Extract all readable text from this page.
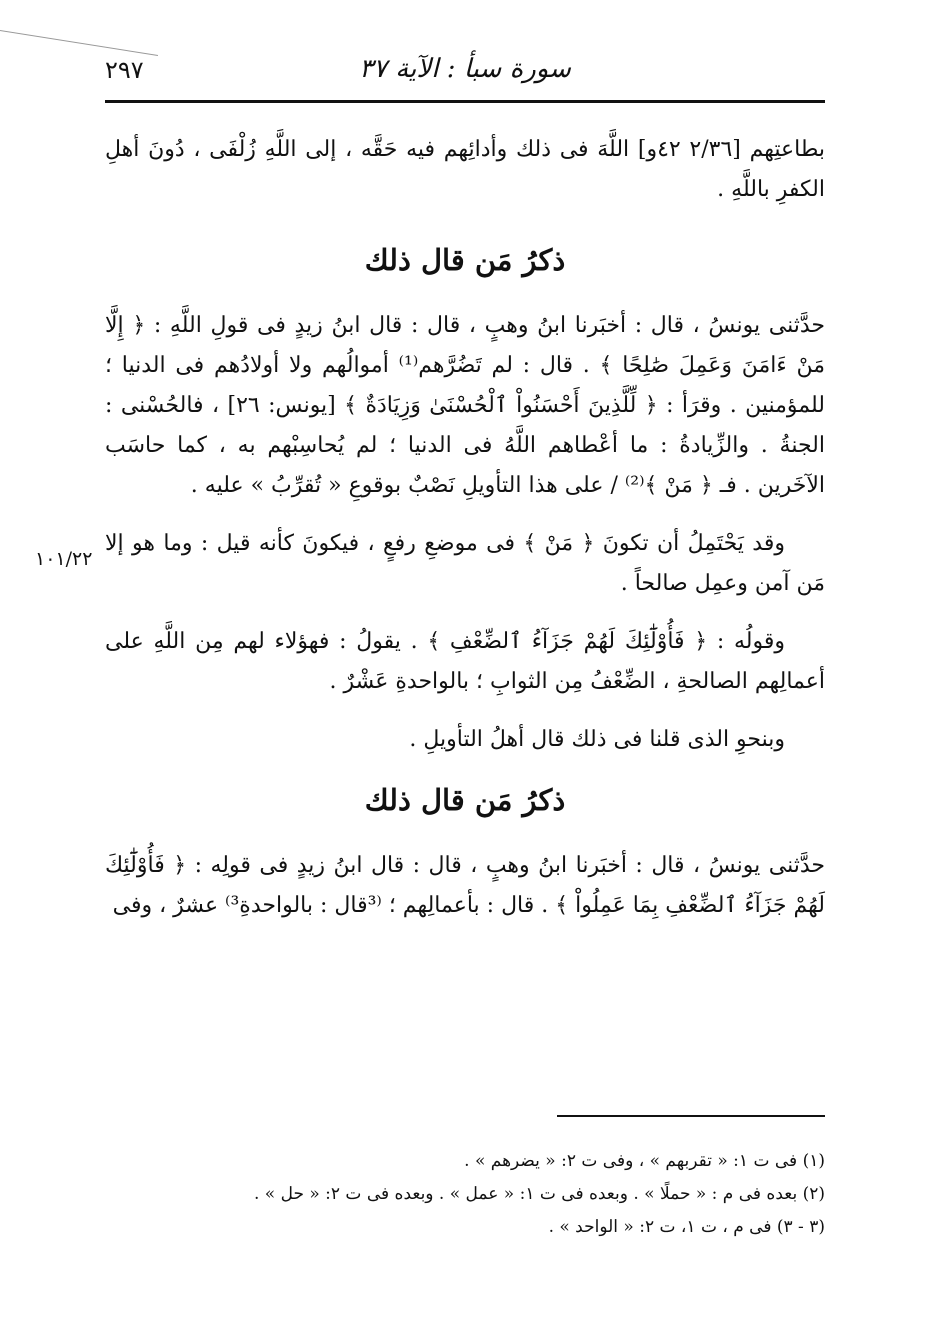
٢٩٧	سورة سبأ : الآية ٣٧
١٠١/٢٢

بطاعتِهم [٢/٣٦ ٤٢و] اللَّهَ فى ذلك وأدائِهم فيه حَقَّه ، إلى اللَّهِ زُلْفَى ، دُونَ أهلِ الكفرِ باللَّهِ .

ذكرُ مَن قال ذلك

حدَّثنى يونسُ ، قال : أخبَرنا ابنُ وهبٍ ، قال : قال ابنُ زيدٍ فى قولِ اللَّهِ : ﴿ إِلَّا مَنْ ءَامَنَ وَعَمِلَ صَٰلِحًا ﴾ . قال : لم تَضُرَّهم⁽¹⁾ أموالُهم ولا أولادُهم فى الدنيا ؛ للمؤمنين . وقرَأ : ﴿ لِّلَّذِينَ أَحْسَنُواْ ٱلْحُسْنَىٰ وَزِيَادَةٌ ﴾ [يونس: ٢٦] ، فالحُسْنى : الجنةُ . والزِّيادةُ : ما أعْطاهم اللَّهُ فى الدنيا ؛ لم يُحاسِبْهم به ، كما حاسَب الآخَرين . فـ ﴿ مَنْ ﴾⁽²⁾ / على هذا التأويلِ نَصْبٌ بوقوعِ « تُقرِّبُ » عليه .

وقد يَحْتَمِلُ أن تكونَ ﴿ مَنْ ﴾ فى موضعِ رفعٍ ، فيكونَ كأنه قيل : وما هو إلا مَن آمن وعمِل صالحاً .

وقولُه : ﴿ فَأُوْلَٰٓئِكَ لَهُمْ جَزَآءُ ٱلضِّعْفِ ﴾ . يقولُ : فهؤلاء لهم مِن اللَّهِ على أعمالِهم الصالحةِ ، الضِّعْفُ مِن الثوابِ ؛ بالواحدةِ عَشْرٌ .

وبنحوِ الذى قلنا فى ذلك قال أهلُ التأويلِ .

ذكرُ مَن قال ذلك

حدَّثنى يونسُ ، قال : أخبَرنا ابنُ وهبٍ ، قال : قال ابنُ زيدٍ فى قولِه : ﴿ فَأُوْلَٰٓئِكَ لَهُمْ جَزَآءُ ٱلضِّعْفِ بِمَا عَمِلُواْ ﴾ . قال : بأعمالِهم ؛ ⁽³قال : بالواحدةِ³⁾ عشرٌ ، وفى

(١) فى ت ١: « تقربهم » ، وفى ت ٢: « يضرهم » .

(٢) بعده فى م : « حملًا » . وبعده فى ت ١: « عمل » . وبعده فى ت ٢: « حل » .

(٣ - ٣) فى م ، ت ١، ت ٢: « الواحد » .
